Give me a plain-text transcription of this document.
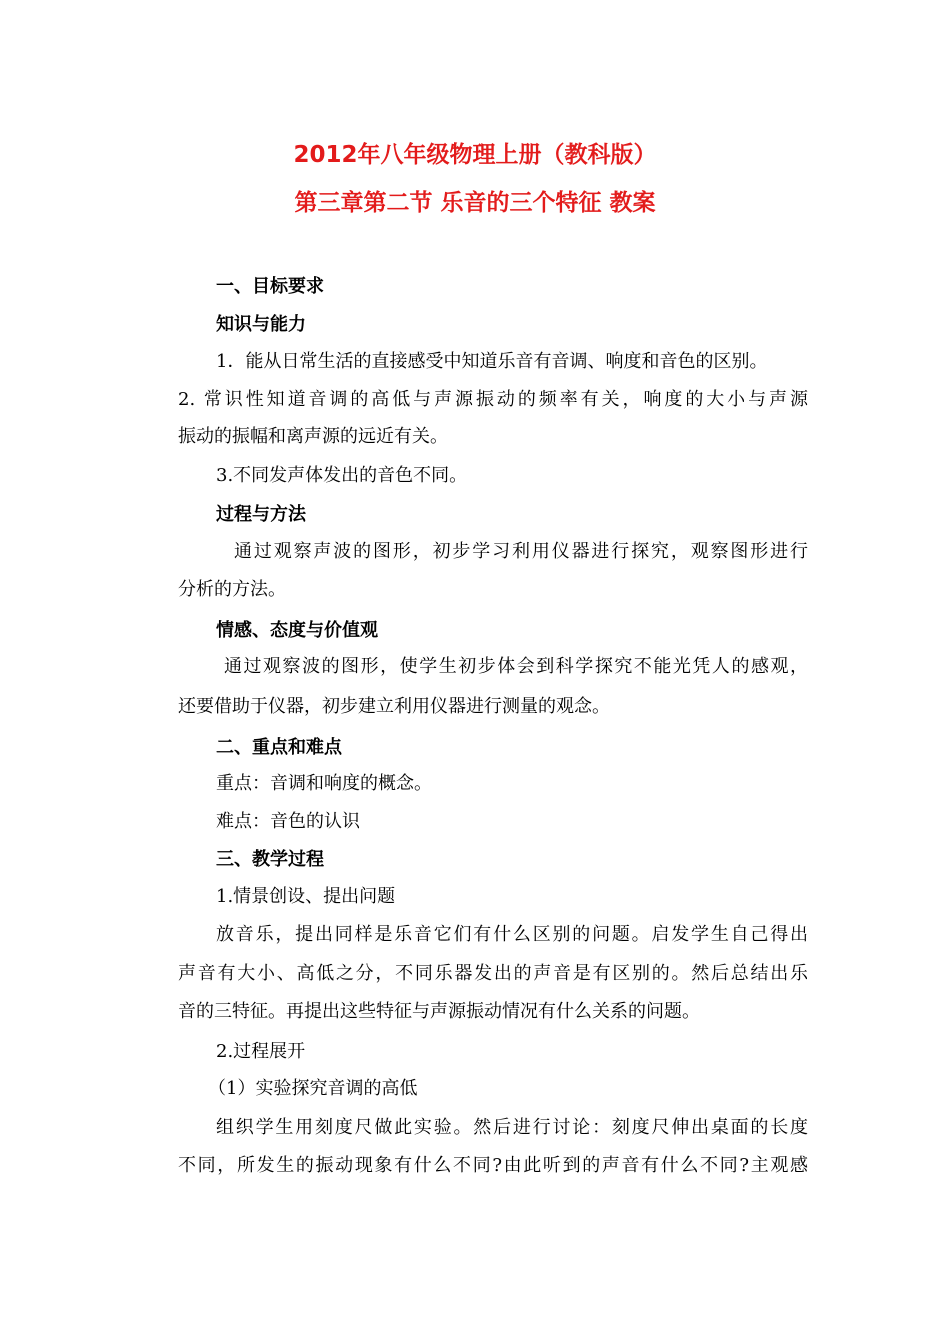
2012年八年级物理上册（教科版）
第三章第二节 乐音的三个特征 教案
一、目标要求
知识与能力
1．能从日常生活的直接感受中知道乐音有音调、响度和音色的区别。
2. 常识性知道音调的高低与声源振动的频率有关，响度的大小与声源
振动的振幅和离声源的远近有关。
3.不同发声体发出的音色不同。
过程与方法
通过观察声波的图形，初步学习利用仪器进行探究，观察图形进行
分析的方法。
情感、态度与价值观
通过观察波的图形，使学生初步体会到科学探究不能光凭人的感观，
还要借助于仪器，初步建立利用仪器进行测量的观念。
二、重点和难点
重点：音调和响度的概念。
难点：音色的认识
三、教学过程
1.情景创设、提出问题
放音乐，提出同样是乐音它们有什么区别的问题。启发学生自己得出
声音有大小、高低之分，不同乐器发出的声音是有区别的。然后总结出乐
音的三特征。再提出这些特征与声源振动情况有什么关系的问题。
2.过程展开
（1）实验探究音调的高低
组织学生用刻度尺做此实验。然后进行讨论：刻度尺伸出桌面的长度
不同，所发生的振动现象有什么不同?由此听到的声音有什么不同?主观感
